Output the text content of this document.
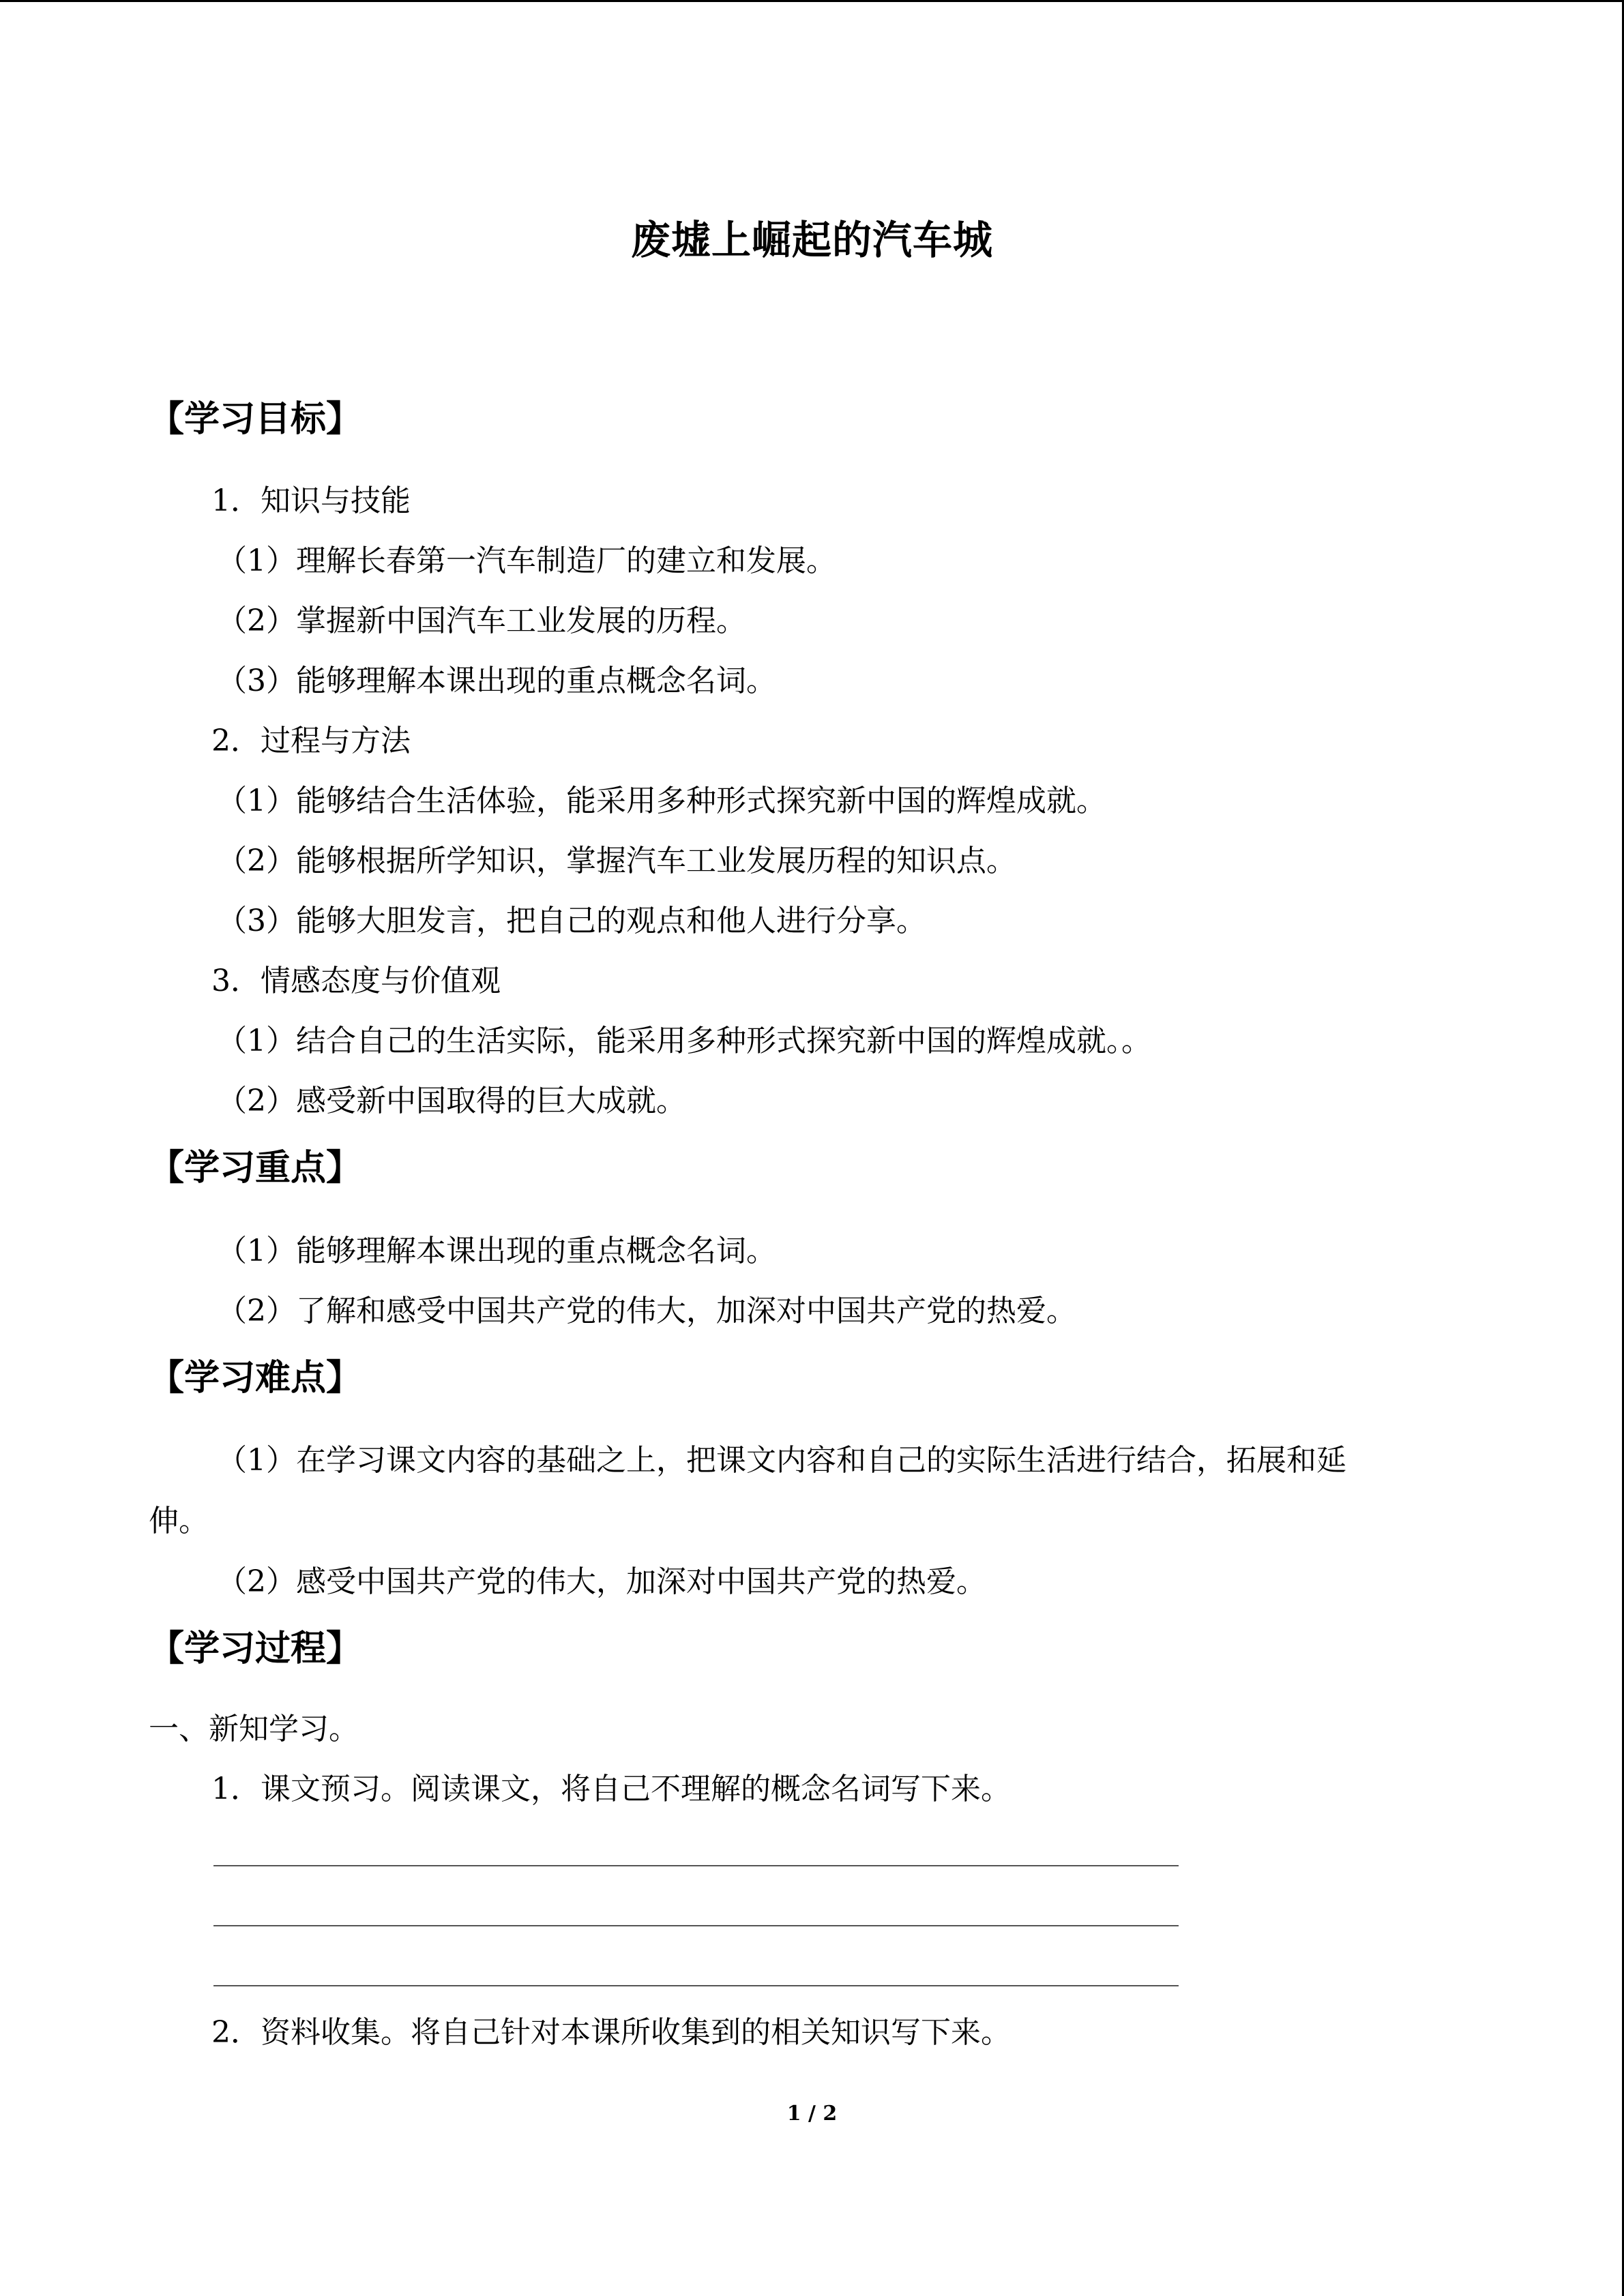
废墟上崛起的汽车城
【学习目标】
1．知识与技能
（1）理解长春第一汽车制造厂的建立和发展。
（2）掌握新中国汽车工业发展的历程。
（3）能够理解本课出现的重点概念名词。
2．过程与方法
（1）能够结合生活体验，能采用多种形式探究新中国的辉煌成就。
（2）能够根据所学知识，掌握汽车工业发展历程的知识点。
（3）能够大胆发言，把自己的观点和他人进行分享。
3．情感态度与价值观
（1）结合自己的生活实际，能采用多种形式探究新中国的辉煌成就。。
（2）感受新中国取得的巨大成就。
【学习重点】
（1）能够理解本课出现的重点概念名词。
（2）了解和感受中国共产党的伟大，加深对中国共产党的热爱。
【学习难点】
（1）在学习课文内容的基础之上，把课文内容和自己的实际生活进行结合，拓展和延
伸。
（2）感受中国共产党的伟大，加深对中国共产党的热爱。
【学习过程】
一、新知学习。
1．课文预习。阅读课文，将自己不理解的概念名词写下来。
2．资料收集。将自己针对本课所收集到的相关知识写下来。
1 / 2
